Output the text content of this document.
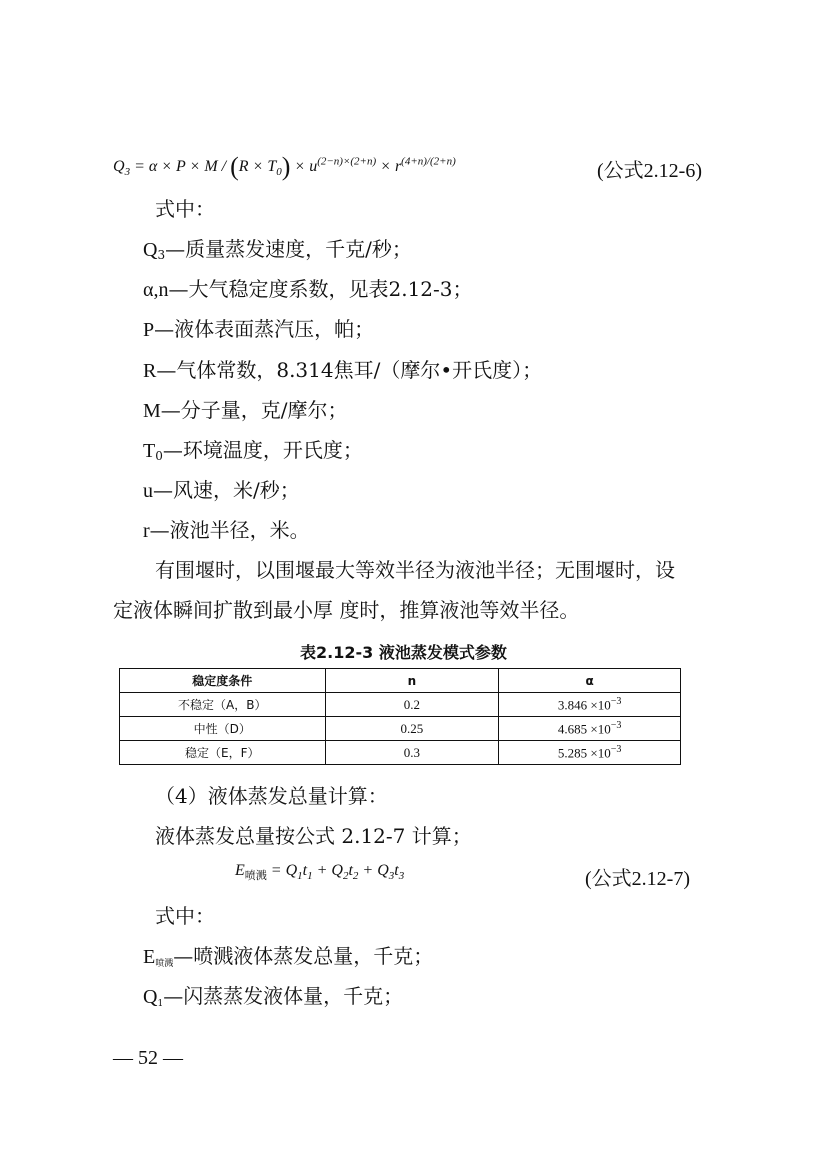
$Q_3 = \alpha \times P \times M / (R \times T_0) \times u^{(2-n)\times(2+n)} \times r^{(4+n)/(2+n)}$	(公式2.12-6)
式中：
Q3—质量蒸发速度，千克/秒；
α,n—大气稳定度系数，见表2.12-3；
P—液体表面蒸汽压，帕；
R—气体常数，8.314焦耳/（摩尔•开氏度）；
M—分子量，克/摩尔；
T0—环境温度，开氏度；
u—风速，米/秒；
r—液池半径，米。
有围堰时，以围堰最大等效半径为液池半径；无围堰时，设
定液体瞬间扩散到最小厚 度时，推算液池等效半径。
表2.12-3 液池蒸发模式参数
稳定度条件	n	α
不稳定（A，B）	0.2	$3.846 \times 10^{-3}$
中性（D）	0.25	$4.685 \times 10^{-3}$
稳定（E，F）	0.3	$5.285 \times 10^{-3}$
（4）液体蒸发总量计算：
液体蒸发总量按公式 2.12-7 计算；
$E_{喷溅} = Q_1t_1 + Q_2t_2 + Q_3t_3$	(公式2.12-7)
式中：
E喷溅—喷溅液体蒸发总量，千克；
Q1—闪蒸蒸发液体量，千克；
— 52 —
